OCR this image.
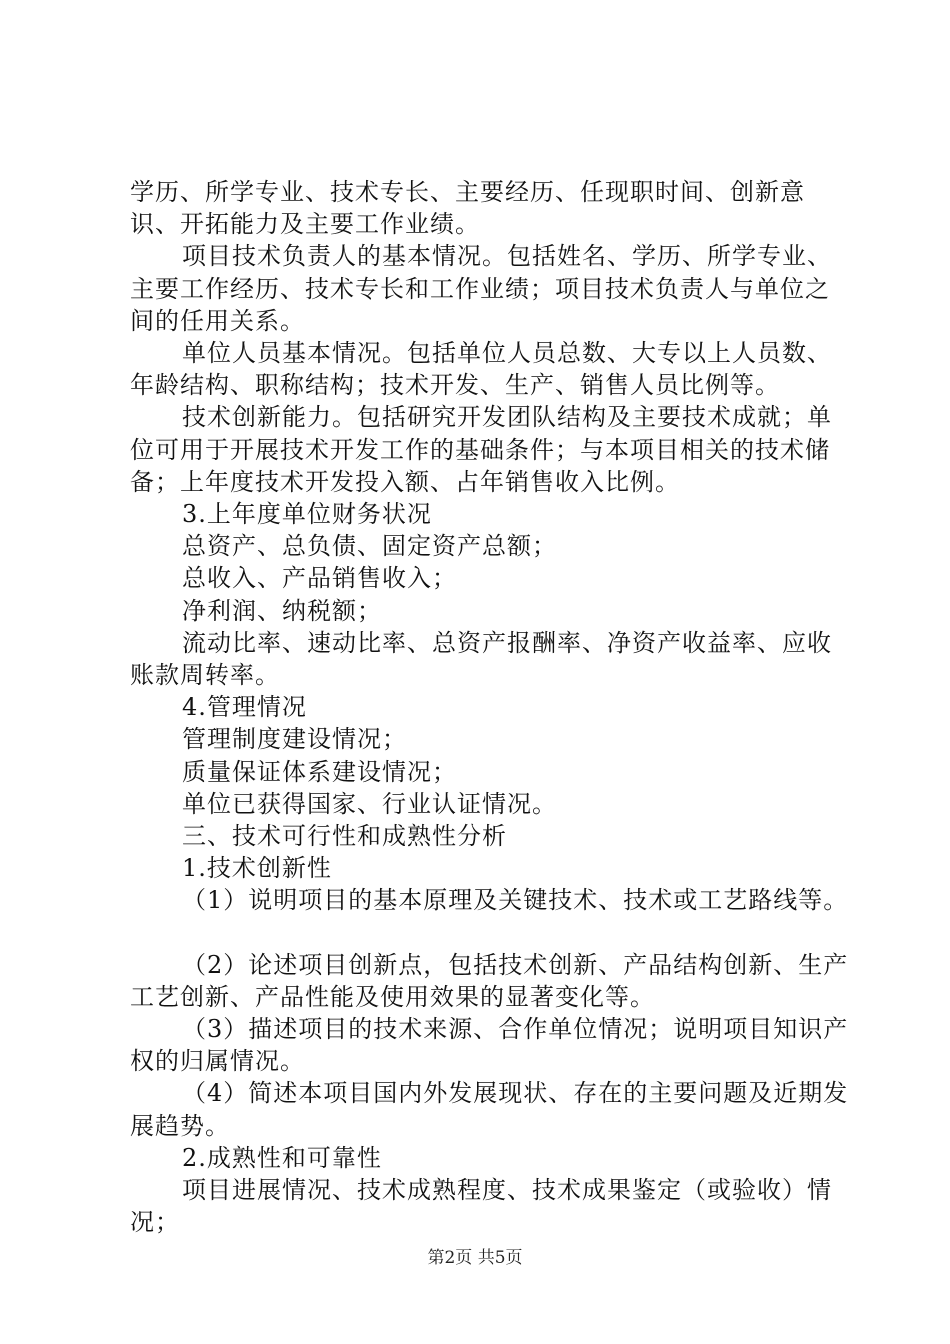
学历、所学专业、技术专长、主要经历、任现职时间、创新意识、开拓能力及主要工作业绩。

项目技术负责人的基本情况。包括姓名、学历、所学专业、主要工作经历、技术专长和工作业绩；项目技术负责人与单位之间的任用关系。

单位人员基本情况。包括单位人员总数、大专以上人员数、年龄结构、职称结构；技术开发、生产、销售人员比例等。

技术创新能力。包括研究开发团队结构及主要技术成就；单位可用于开展技术开发工作的基础条件；与本项目相关的技术储备；上年度技术开发投入额、占年销售收入比例。

3.上年度单位财务状况

总资产、总负债、固定资产总额；

总收入、产品销售收入；

净利润、纳税额；

流动比率、速动比率、总资产报酬率、净资产收益率、应收账款周转率。

4.管理情况

管理制度建设情况；

质量保证体系建设情况；

单位已获得国家、行业认证情况。

三、技术可行性和成熟性分析

1.技术创新性

（1）说明项目的基本原理及关键技术、技术或工艺路线等。

（2）论述项目创新点，包括技术创新、产品结构创新、生产工艺创新、产品性能及使用效果的显著变化等。

（3）描述项目的技术来源、合作单位情况；说明项目知识产权的归属情况。

（4）简述本项目国内外发展现状、存在的主要问题及近期发展趋势。

2.成熟性和可靠性

项目进展情况、技术成熟程度、技术成果鉴定（或验收）情况；

第2页 共5页
